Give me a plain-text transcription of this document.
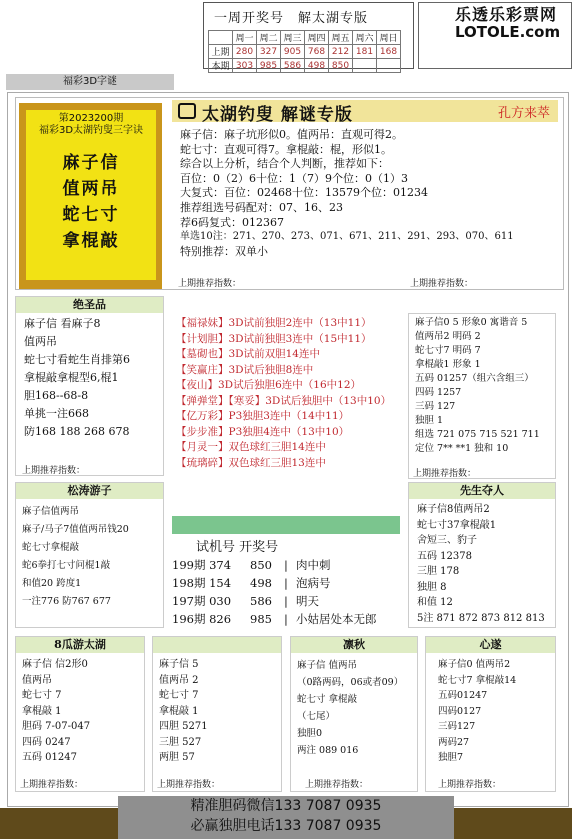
一周开奖号 解太湖专版
	周一	周二	周三	周四	周五	周六	周日
上期	280	327	905	768	212	181	168
本期	303	985	586	498	850		
乐透乐彩票网
LOTOLE.com
福彩3D字谜
第2023200期
福彩3D太湖钓叟三字诀
麻子信
值两吊
蛇七寸
拿棍敲
太湖钓叟 解谜专版	孔方来萃
麻子信：麻子坑形似0。值两吊：直观可得2。
蛇七寸：直观可得7。拿棍敲：棍，形似1。
综合以上分析，结合个人判断，推荐如下：
百位：0（2）6十位：1（7）9个位：0（1）3
大复式：百位：02468十位：13579个位：01234
推荐组选号码配对：07、16、23
荐6码复式：012367
单选10注：271、270、273、071、671、211、291、293、070、611
特别推荐：双单小
上期推荐指数：	上期推荐指数：
绝圣品
麻子信 看麻子8
值两吊
蛇七寸看蛇生肖排第6
拿棍敲拿棍型6,棍1
胆168--68-8
单挑一注668
防168 188 268 678
上期推荐指数：
【福禄妹】3D试前独胆2连中（13中11）
【计划胆】3D试前独胆3连中（15中11）
【墓砌也】3D试前双胆14连中
【笑赢庄】3D试后独胆8连中
【夜山】3D试后独胆6连中（16中12）
【弹弹堂】【寒妥】3D试后独胆中（13中10）
【亿万彩】P3独胆3连中（14中11）
【步步准】P3独胆4连中（13中10）
【月灵一】双色球红三胆14连中
【琉璃碎】双色球红三胆13连中
麻子信0 5 形象0 寓谐音 5
值两吊2 明码 2
蛇七寸7 明码 7
拿棍敲1 形象 1
五码 01257（组六含组三）
四码 1257
三码 127
独胆 1
组选 721 075 715 521 711
定位 7** **1 独和 10
上期推荐指数：
松涛游子
麻子信值两吊
麻子/马子7值值两吊钱20
蛇七寸拿棍敲
蛇6拳打七寸问棍1敲
和值20 跨度1
一注776 防767 677
试机号 开奖号
199期 374 850 | 肉中刺
198期 154 498 | 泡病号
197期 030 586 | 明天
196期 826 985 | 小姑居处本无郎
先生夺人
麻子信8值两吊2
蛇七寸37拿棍敲1
舍短三、豹子
五码 12378
三胆 178
独胆 8
和值 12
5注 871 872 873 812 813
8瓜游太湖
麻子信 信2形0
值两吊
蛇七寸 7
拿棍敲 1
胆码 7-07-047
四码 0247
五码 01247
上期推荐指数：
麻子信 5
值两吊 2
蛇七寸 7
拿棍敲 1
四胆 5271
三胆 527
两胆 57
上期推荐指数：
凛秋
麻子信 值两吊
（0路两码，06或者09）
蛇七寸 拿棍敲
（七尾）
独胆0
两注 089 016
上期推荐指数：
心遂
麻子信0 值两吊2
蛇七寸7 拿棍敲14
五码01247
四码0127
三码127
两码27
独胆7
上期推荐指数：
精准胆码微信133 7087 0935
必赢独胆电话133 7087 0935
